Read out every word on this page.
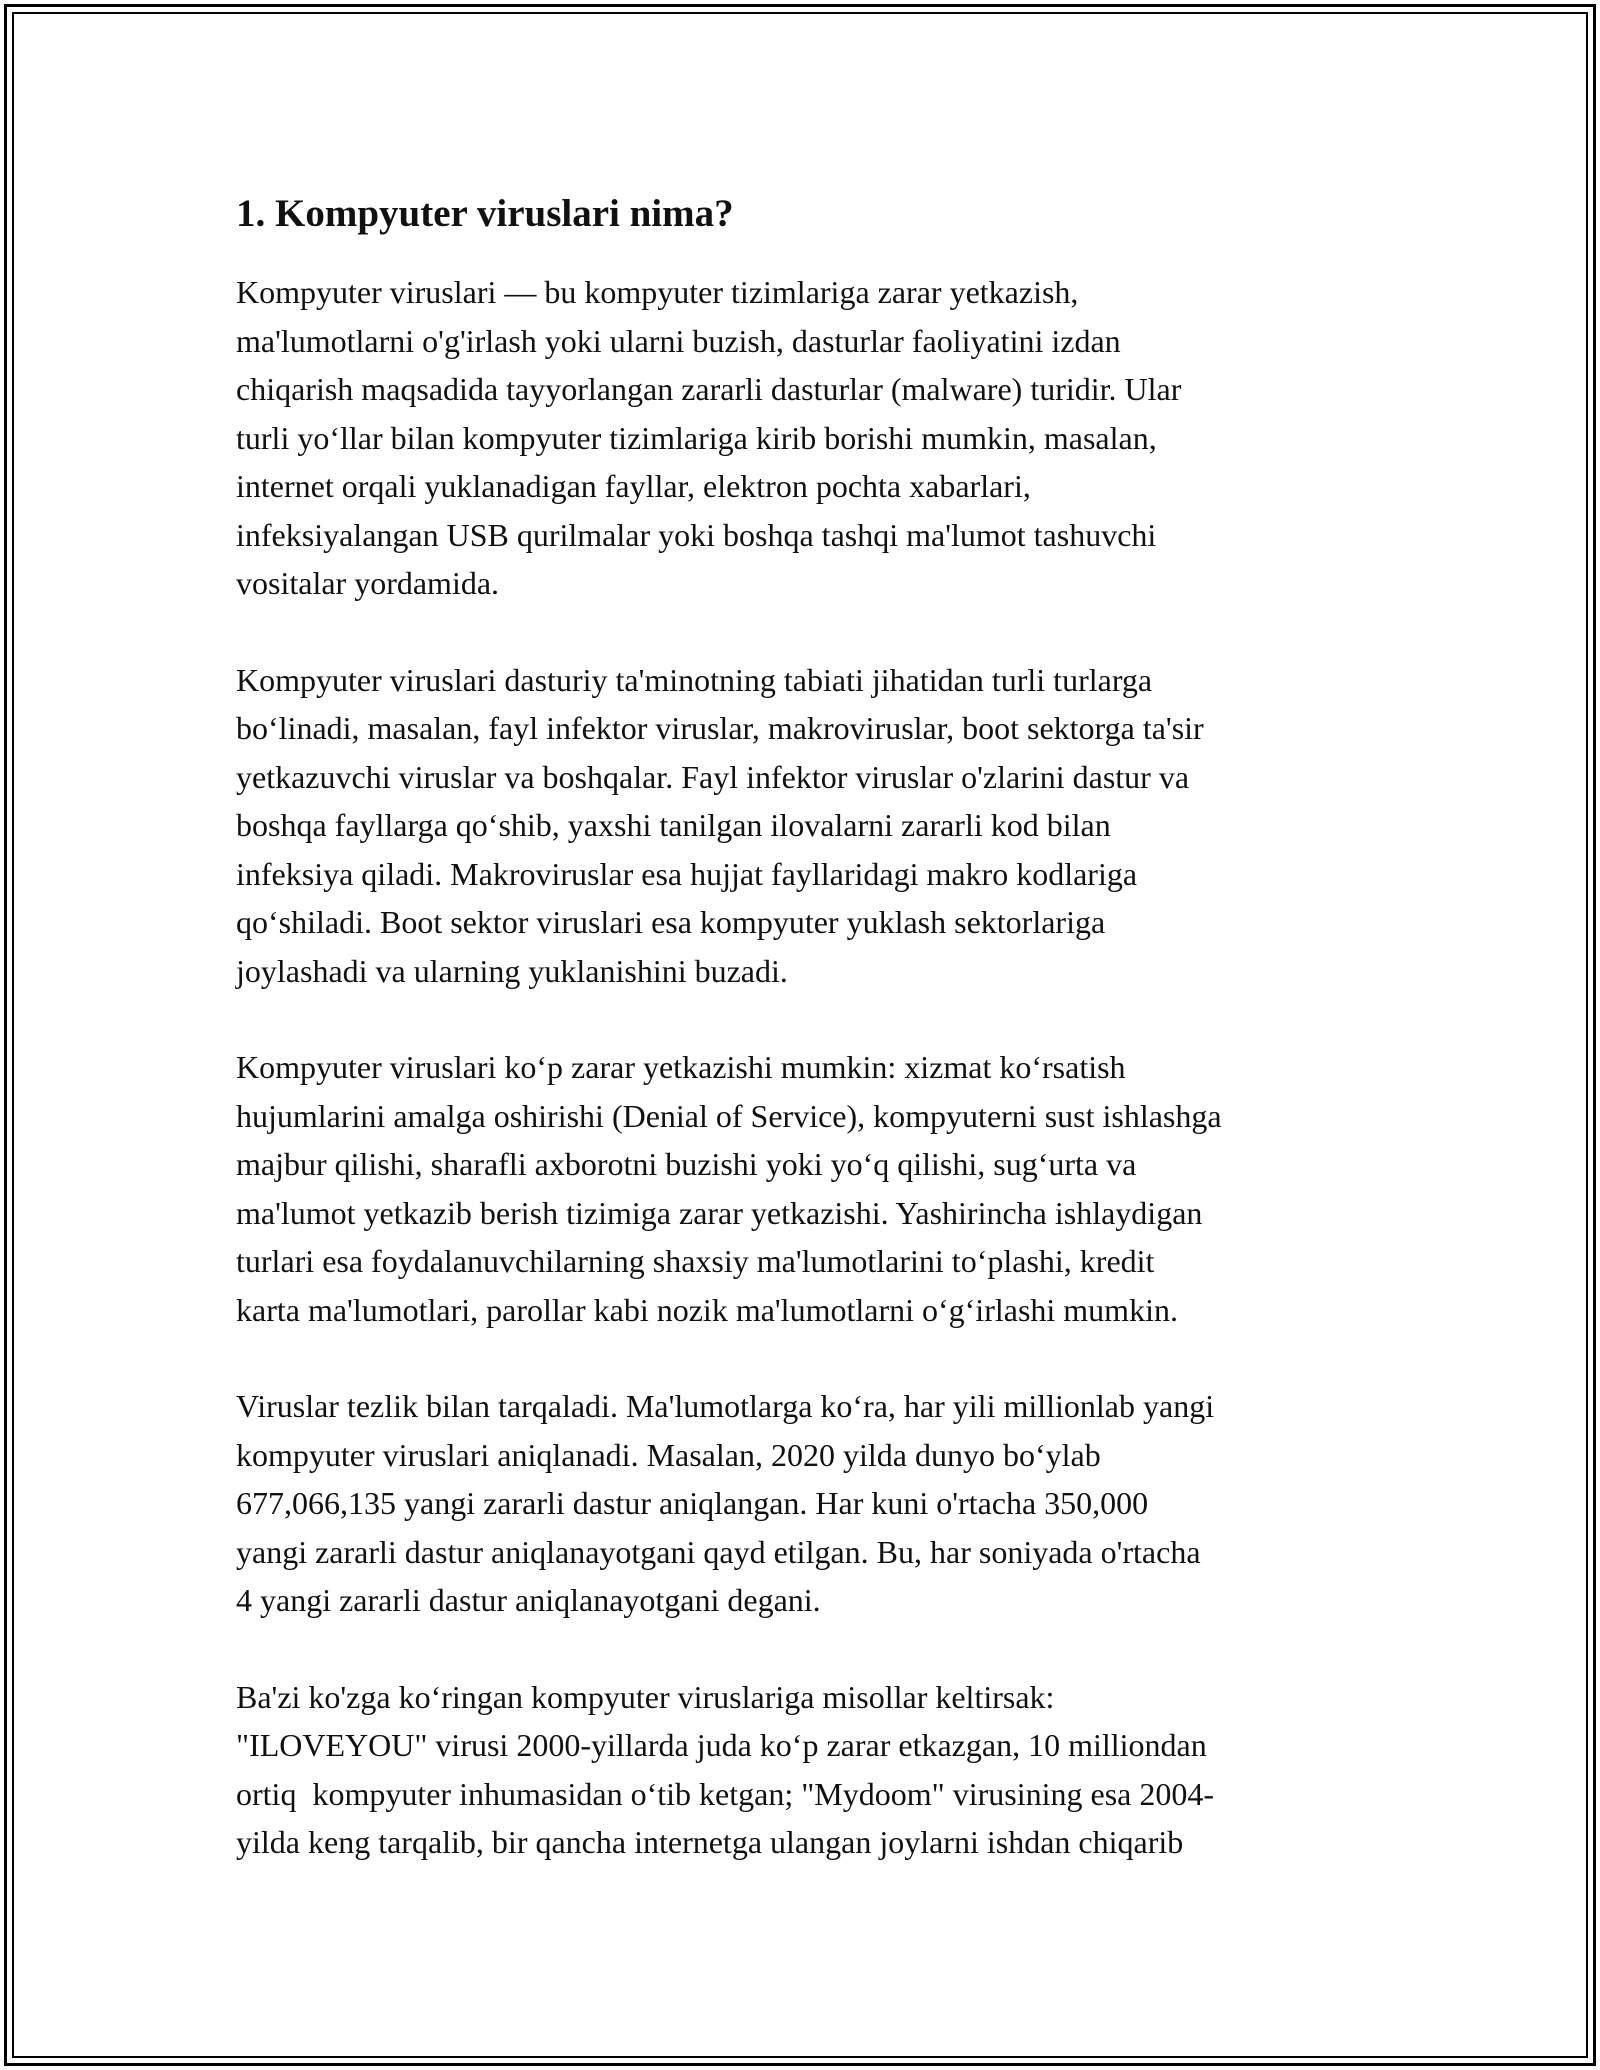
1. Kompyuter viruslari nima?
Kompyuter viruslari — bu kompyuter tizimlariga zarar yetkazish,
ma'lumotlarni o'g'irlash yoki ularni buzish, dasturlar faoliyatini izdan
chiqarish maqsadida tayyorlangan zararli dasturlar (malware) turidir. Ular
turli yo‘llar bilan kompyuter tizimlariga kirib borishi mumkin, masalan,
internet orqali yuklanadigan fayllar, elektron pochta xabarlari,
infeksiyalangan USB qurilmalar yoki boshqa tashqi ma'lumot tashuvchi
vositalar yordamida.
Kompyuter viruslari dasturiy ta'minotning tabiati jihatidan turli turlarga
bo‘linadi, masalan, fayl infektor viruslar, makroviruslar, boot sektorga ta'sir
yetkazuvchi viruslar va boshqalar. Fayl infektor viruslar o'zlarini dastur va
boshqa fayllarga qo‘shib, yaxshi tanilgan ilovalarni zararli kod bilan
infeksiya qiladi. Makroviruslar esa hujjat fayllaridagi makro kodlariga
qo‘shiladi. Boot sektor viruslari esa kompyuter yuklash sektorlariga
joylashadi va ularning yuklanishini buzadi.
Kompyuter viruslari ko‘p zarar yetkazishi mumkin: xizmat ko‘rsatish
hujumlarini amalga oshirishi (Denial of Service), kompyuterni sust ishlashga
majbur qilishi, sharafli axborotni buzishi yoki yo‘q qilishi, sug‘urta va
ma'lumot yetkazib berish tizimiga zarar yetkazishi. Yashirincha ishlaydigan
turlari esa foydalanuvchilarning shaxsiy ma'lumotlarini to‘plashi, kredit
karta ma'lumotlari, parollar kabi nozik ma'lumotlarni o‘g‘irlashi mumkin.
Viruslar tezlik bilan tarqaladi. Ma'lumotlarga ko‘ra, har yili millionlab yangi
kompyuter viruslari aniqlanadi. Masalan, 2020 yilda dunyo bo‘ylab
677,066,135 yangi zararli dastur aniqlangan. Har kuni o'rtacha 350,000
yangi zararli dastur aniqlanayotgani qayd etilgan. Bu, har soniyada o'rtacha
4 yangi zararli dastur aniqlanayotgani degani.
Ba'zi ko'zga ko‘ringan kompyuter viruslariga misollar keltirsak:
"ILOVEYOU" virusi 2000-yillarda juda ko‘p zarar etkazgan, 10 milliondan
ortiq  kompyuter inhumasidan o‘tib ketgan; "Mydoom" virusining esa 2004-
yilda keng tarqalib, bir qancha internetga ulangan joylarni ishdan chiqarib
